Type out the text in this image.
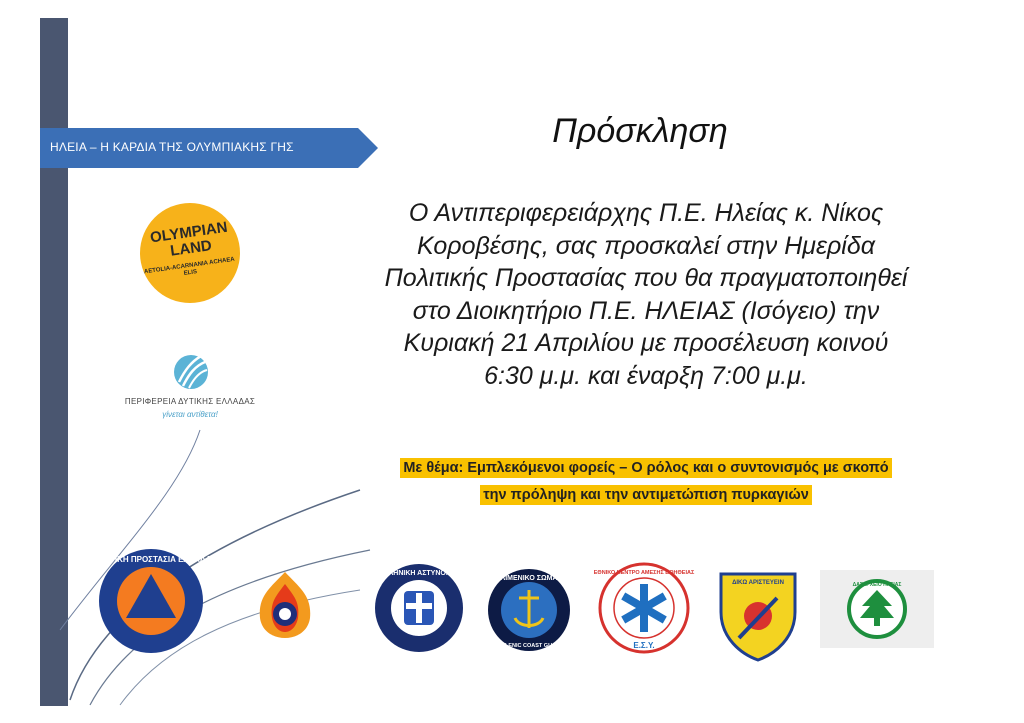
ΗΛΕΙΑ – Η ΚΑΡΔΙΑ ΤΗΣ ΟΛΥΜΠΙΑΚΗΣ ΓΗΣ	Πρόσκληση
Ο Αντιπεριφερειάρχης Π.Ε. Ηλείας κ. Νίκος
Κοροβέσης, σας προσκαλεί στην Ημερίδα
Πολιτικής Προστασίας που θα πραγματοποιηθεί
στο Διοικητήριο Π.Ε. ΗΛΕΙΑΣ (Ισόγειο) την
Κυριακή 21 Απριλίου με προσέλευση κοινού
6:30 μ.μ. και έναρξη 7:00 μ.μ.
Με θέμα: Εμπλεκόμενοι φορείς – Ο ρόλος και ο συντονισμός με σκοπό
την πρόληψη και την αντιμετώπιση πυρκαγιών
OLYMPIAN LAND
AETOLIA-ACARNANIA ACHAEA ELIS
ΠΕΡΙΦΕΡΕΙΑ ΔΥΤΙΚΗΣ ΕΛΛΑΔΑΣ
γίνεται αντίθετα!
ΠΟΛΙΤΙΚΗ ΠΡΟΣΤΑΣΙΑ ΕΛΛΑΔΑ
ΕΛΛΗΝΙΚΗ ΑΣΤΥΝΟΜΙΑ
ΛΙΜΕΝΙΚΟ ΣΩΜΑ
HELLENIC COAST GUARD
ΕΘΝΙΚΟ ΚΕΝΤΡΟ ΑΜΕΣΗΣ ΒΟΗΘΕΙΑΣ
Ε.Σ.Υ.
ΔΙΚΩ ΑΡΙΣΤΕΥΕΙΝ	ΔΑΣΑΡΧΕΙΟ ΗΛΕΙΑΣ
